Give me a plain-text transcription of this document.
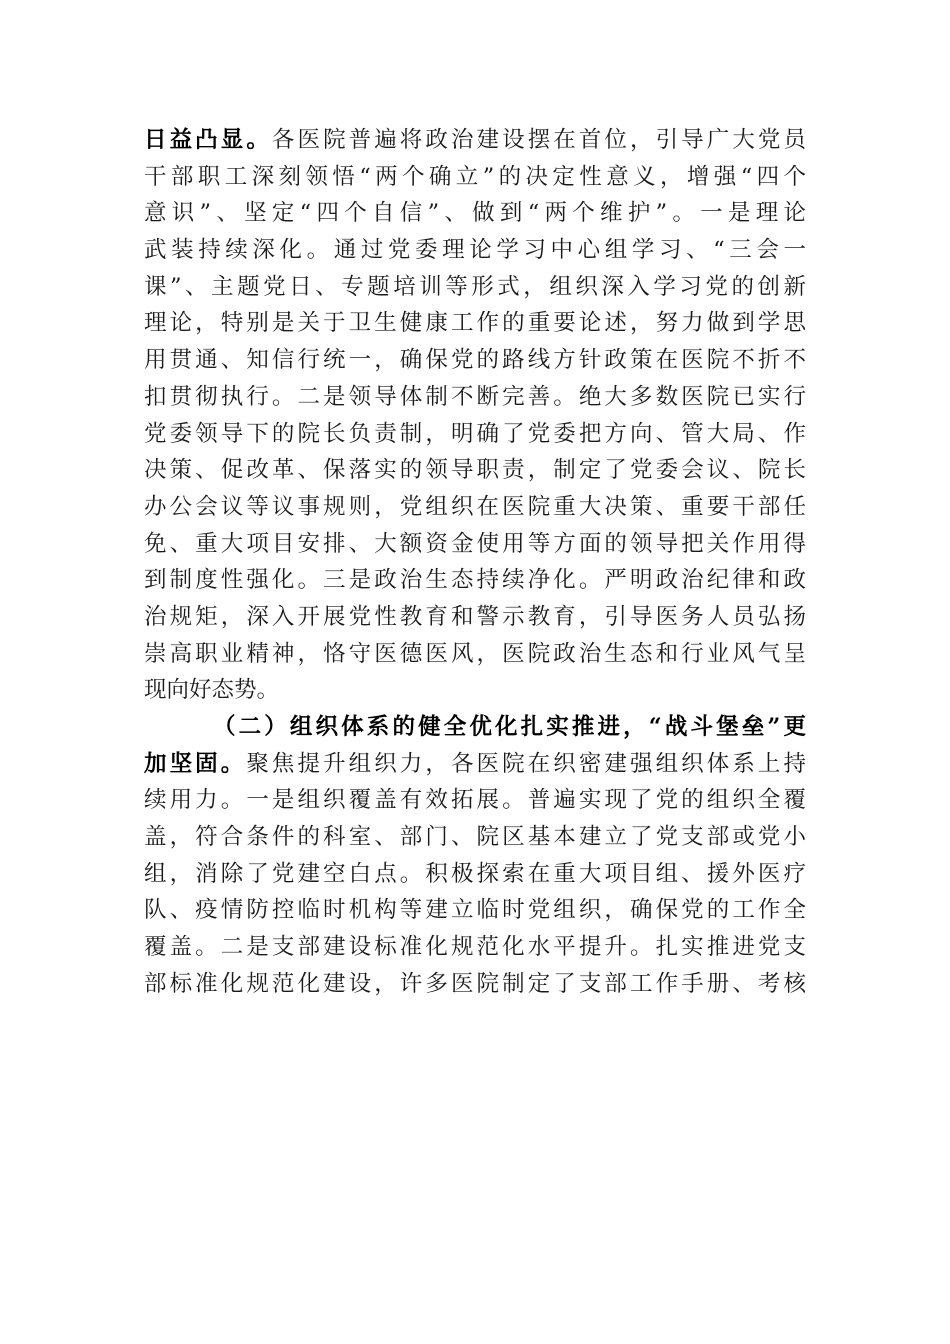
日益凸显。各医院普遍将政治建设摆在首位，引导广大党员
干部职工深刻领悟“两个确立”的决定性意义，增强“四个
意识”、坚定“四个自信”、做到“两个维护”。一是理论
武装持续深化。通过党委理论学习中心组学习、“三会一
课”、主题党日、专题培训等形式，组织深入学习党的创新
理论，特别是关于卫生健康工作的重要论述，努力做到学思
用贯通、知信行统一，确保党的路线方针政策在医院不折不
扣贯彻执行。二是领导体制不断完善。绝大多数医院已实行
党委领导下的院长负责制，明确了党委把方向、管大局、作
决策、促改革、保落实的领导职责，制定了党委会议、院长
办公会议等议事规则，党组织在医院重大决策、重要干部任
免、重大项目安排、大额资金使用等方面的领导把关作用得
到制度性强化。三是政治生态持续净化。严明政治纪律和政
治规矩，深入开展党性教育和警示教育，引导医务人员弘扬
崇高职业精神，恪守医德医风，医院政治生态和行业风气呈
现向好态势。
（二）组织体系的健全优化扎实推进，“战斗堡垒”更
加坚固。聚焦提升组织力，各医院在织密建强组织体系上持
续用力。一是组织覆盖有效拓展。普遍实现了党的组织全覆
盖，符合条件的科室、部门、院区基本建立了党支部或党小
组，消除了党建空白点。积极探索在重大项目组、援外医疗
队、疫情防控临时机构等建立临时党组织，确保党的工作全
覆盖。二是支部建设标准化规范化水平提升。扎实推进党支
部标准化规范化建设，许多医院制定了支部工作手册、考核
